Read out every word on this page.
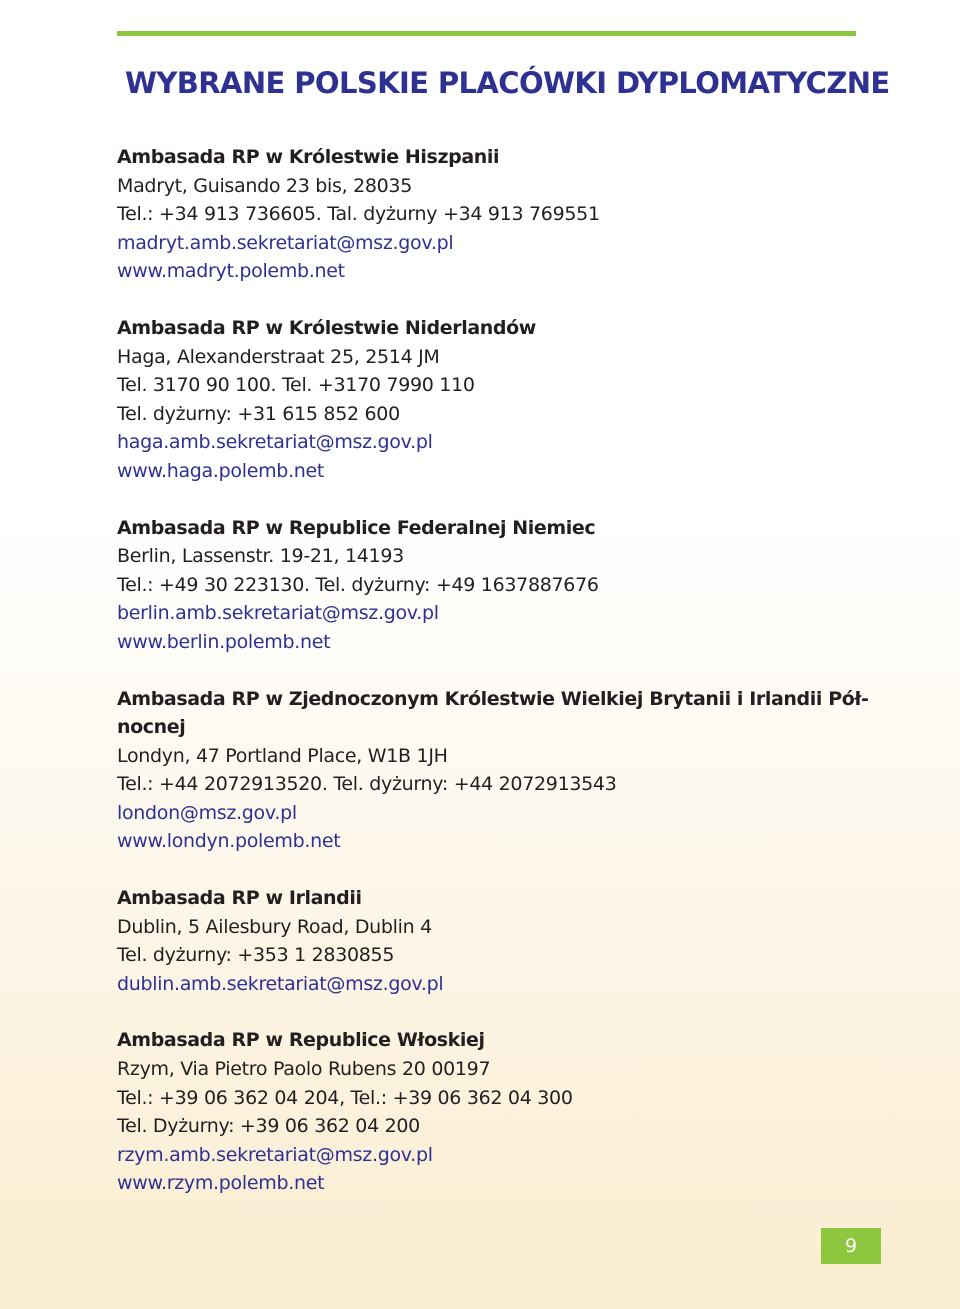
WYBRANE POLSKIE PLACÓWKI DYPLOMATYCZNE
Ambasada RP w Królestwie Hiszpanii
Madryt, Guisando 23 bis, 28035
Tel.: +34 913 736605. Tal. dyżurny +34 913 769551
madryt.amb.sekretariat@msz.gov.pl
www.madryt.polemb.net
Ambasada RP w Królestwie Niderlandów
Haga, Alexanderstraat 25, 2514 JM
Tel. 3170 90 100. Tel. +3170 7990 110
Tel. dyżurny: +31 615 852 600
haga.amb.sekretariat@msz.gov.pl
www.haga.polemb.net
Ambasada RP w Republice Federalnej Niemiec
Berlin, Lassenstr. 19-21, 14193
Tel.: +49 30 223130. Tel. dyżurny: +49 1637887676
berlin.amb.sekretariat@msz.gov.pl
www.berlin.polemb.net
Ambasada RP w Zjednoczonym Królestwie Wielkiej Brytanii i Irlandii Pół-
nocnej
Londyn, 47 Portland Place, W1B 1JH
Tel.: +44 2072913520. Tel. dyżurny: +44 2072913543
london@msz.gov.pl
www.londyn.polemb.net
Ambasada RP w Irlandii
Dublin, 5 Ailesbury Road, Dublin 4
Tel. dyżurny: +353 1 2830855
dublin.amb.sekretariat@msz.gov.pl
Ambasada RP w Republice Włoskiej
Rzym, Via Pietro Paolo Rubens 20 00197
Tel.: +39 06 362 04 204, Tel.: +39 06 362 04 300
Tel. Dyżurny: +39 06 362 04 200
rzym.amb.sekretariat@msz.gov.pl
www.rzym.polemb.net
9
